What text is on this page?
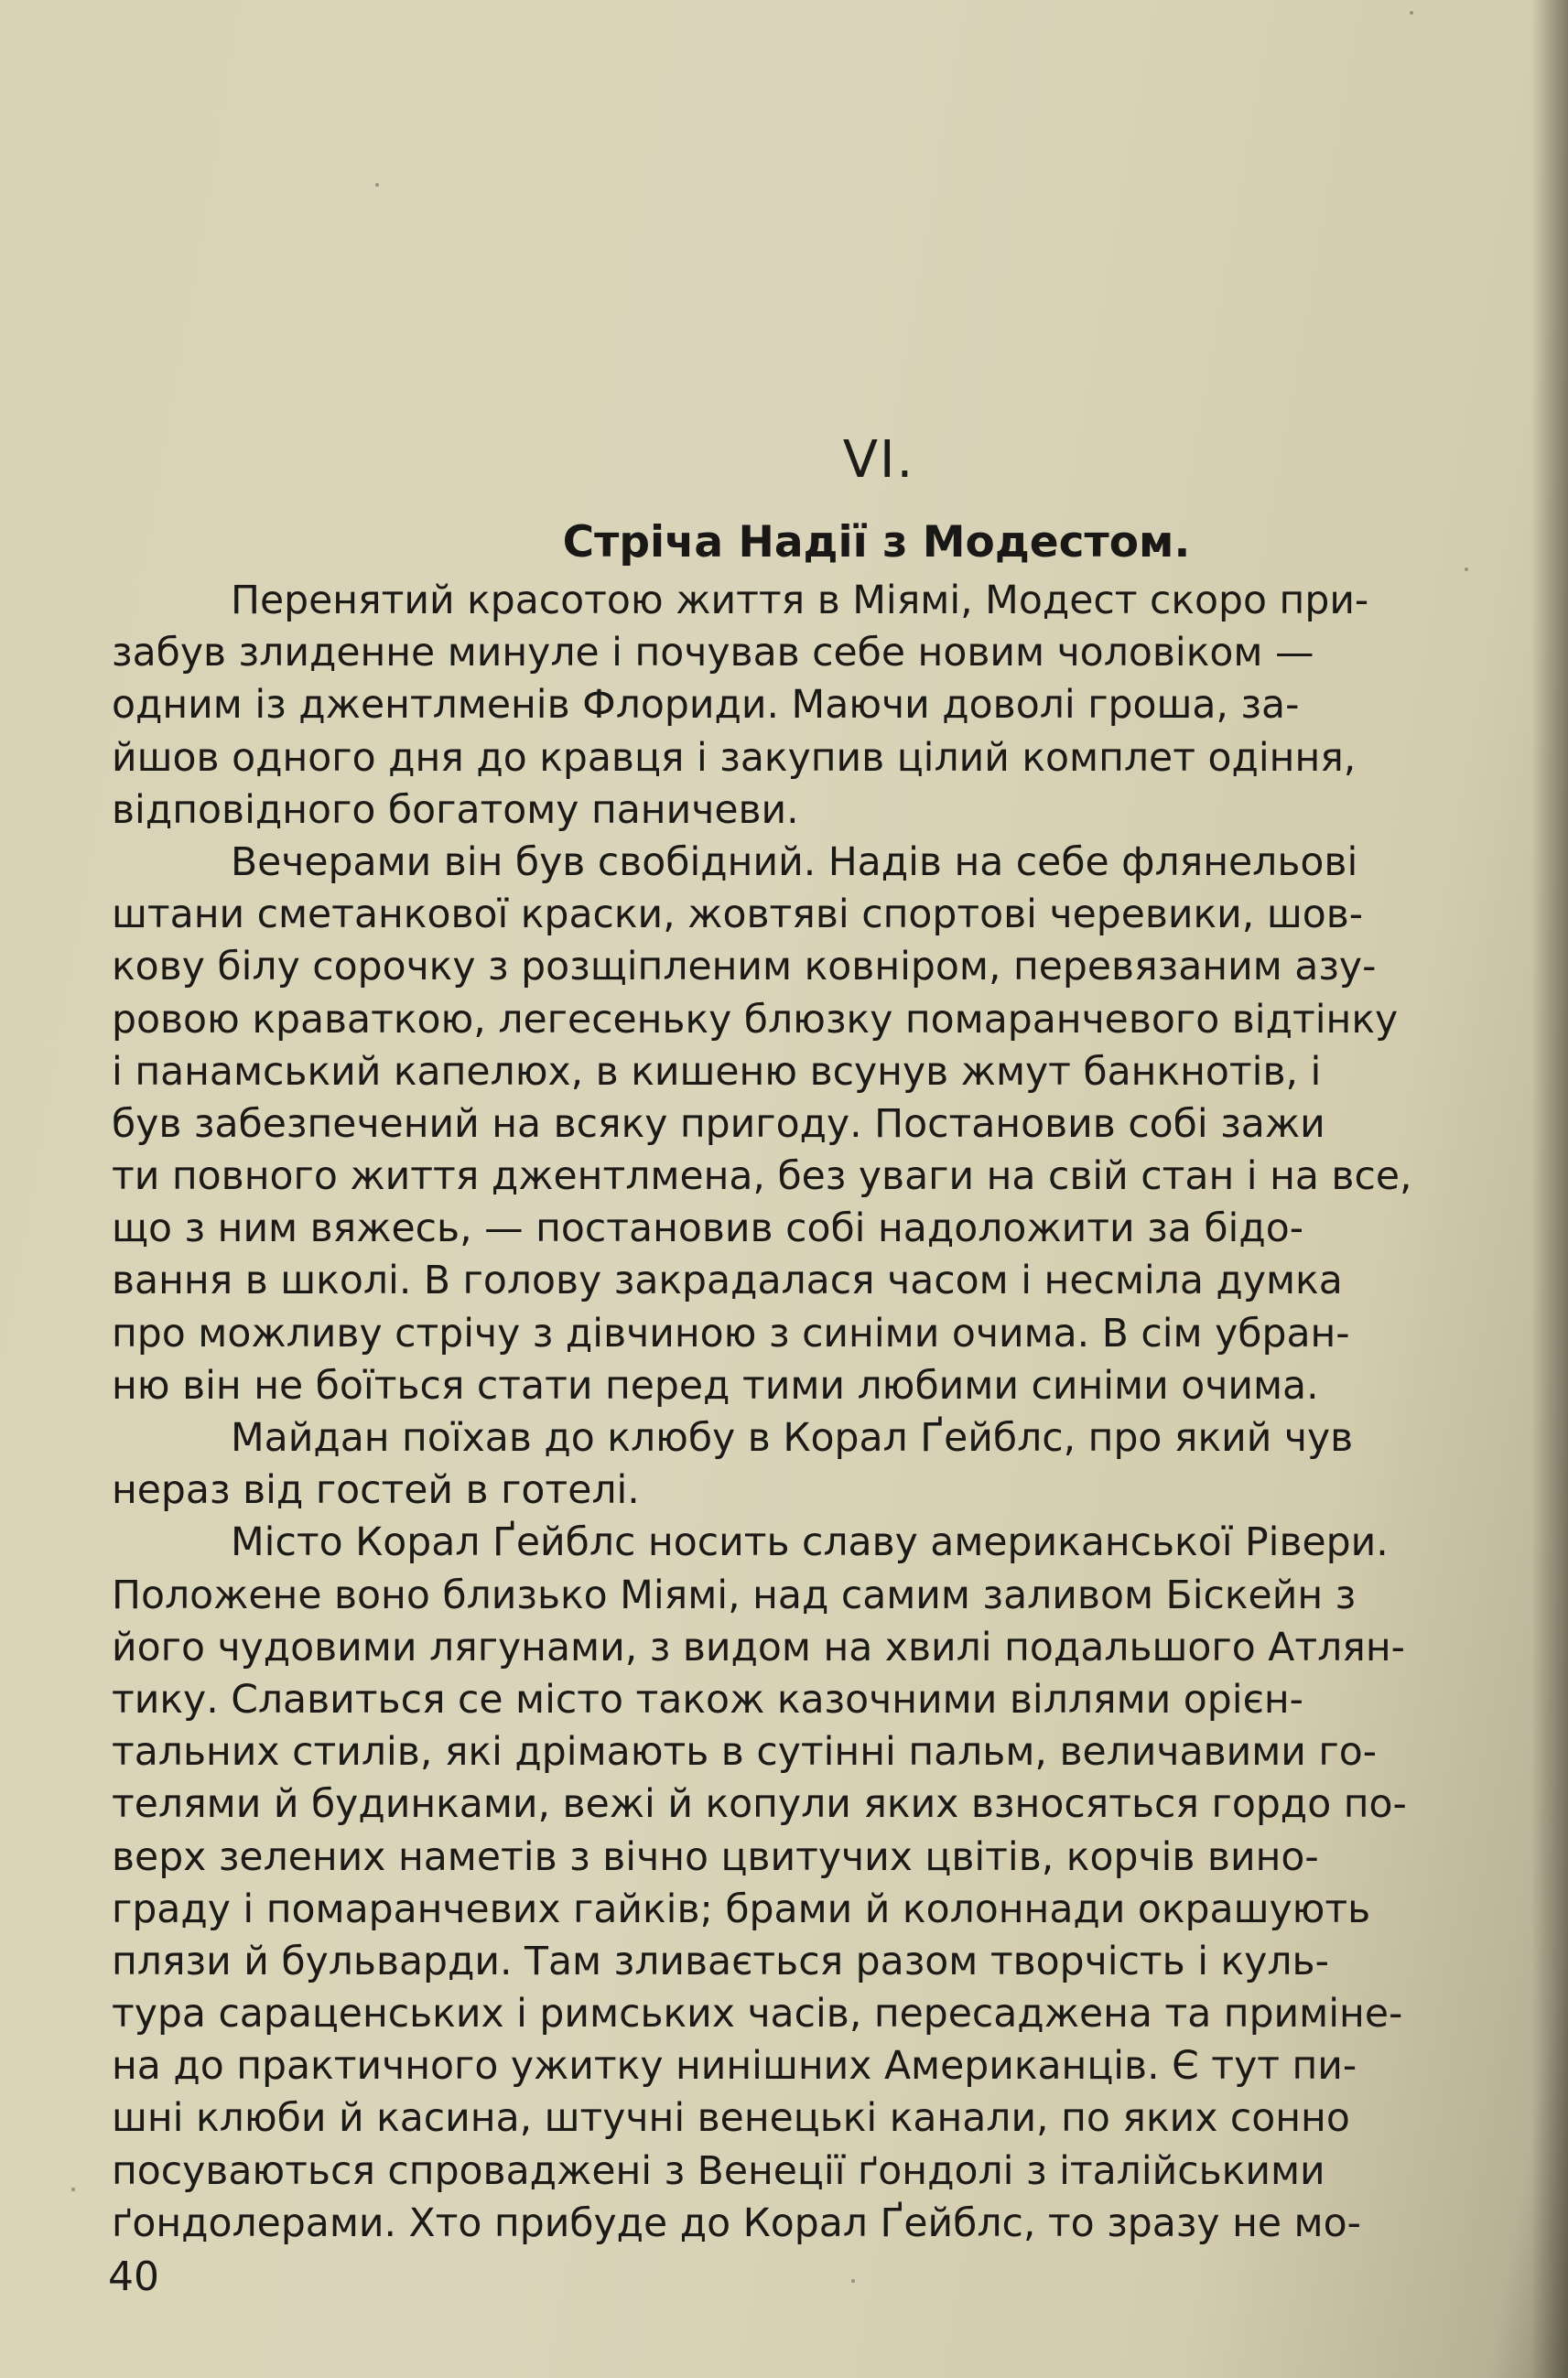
VI.
Стріча Надії з Модестом.
Перенятий красотою життя в Міямі, Модест скоро при-
забув злиденне минуле і почував себе новим чоловіком —
одним із джентлменів Флориди. Маючи доволі гроша, за-
йшов одного дня до кравця і закупив цілий комплет одіння,
відповідного богатому паничеви.
Вечерами він був свобідний. Надів на себе флянельові
штани сметанкової краски, жовтяві спортові черевики, шов-
кову білу сорочку з розщіпленим ковніром, перевязаним азу-
ровою краваткою, легесеньку блюзку помаранчевого відтінку
і панамський капелюх, в кишеню всунув жмут банкнотів, і
був забезпечений на всяку пригоду. Постановив собі зажи
ти повного життя джентлмена, без уваги на свій стан і на все,
що з ним вяжесь, — постановив собі надоложити за бідо-
вання в школі. В голову закрадалася часом і несміла думка
про можливу стрічу з дівчиною з синіми очима. В сім убран-
ню він не боїться стати перед тими любими синіми очима.
Майдан поїхав до клюбу в Корал Ґейблс, про який чув
нераз від гостей в готелі.
Місто Корал Ґейблс носить славу американської Рівери.
Положене воно близько Міямі, над самим заливом Біскейн з
його чудовими лягунами, з видом на хвилі подальшого Атлян-
тику. Славиться се місто також казочними віллями орієн-
тальних стилів, які дрімають в сутінні пальм, величавими го-
телями й будинками, вежі й копули яких взносяться гордо по-
верх зелених наметів з вічно цвитучих цвітів, корчів вино-
граду і помаранчевих гайків; брами й колоннади окрашують
плязи й бульварди. Там зливається разом творчість і куль-
тура сараценських і римських часів, пересаджена та приміне-
на до практичного ужитку нинішних Американців. Є тут пи-
шні клюби й касина, штучні венецькі канали, по яких сонно
посуваються спроваджені з Венеції ґондолі з італійськими
ґондолерами. Хто прибуде до Корал Ґейблс, то зразу не мо-
40
